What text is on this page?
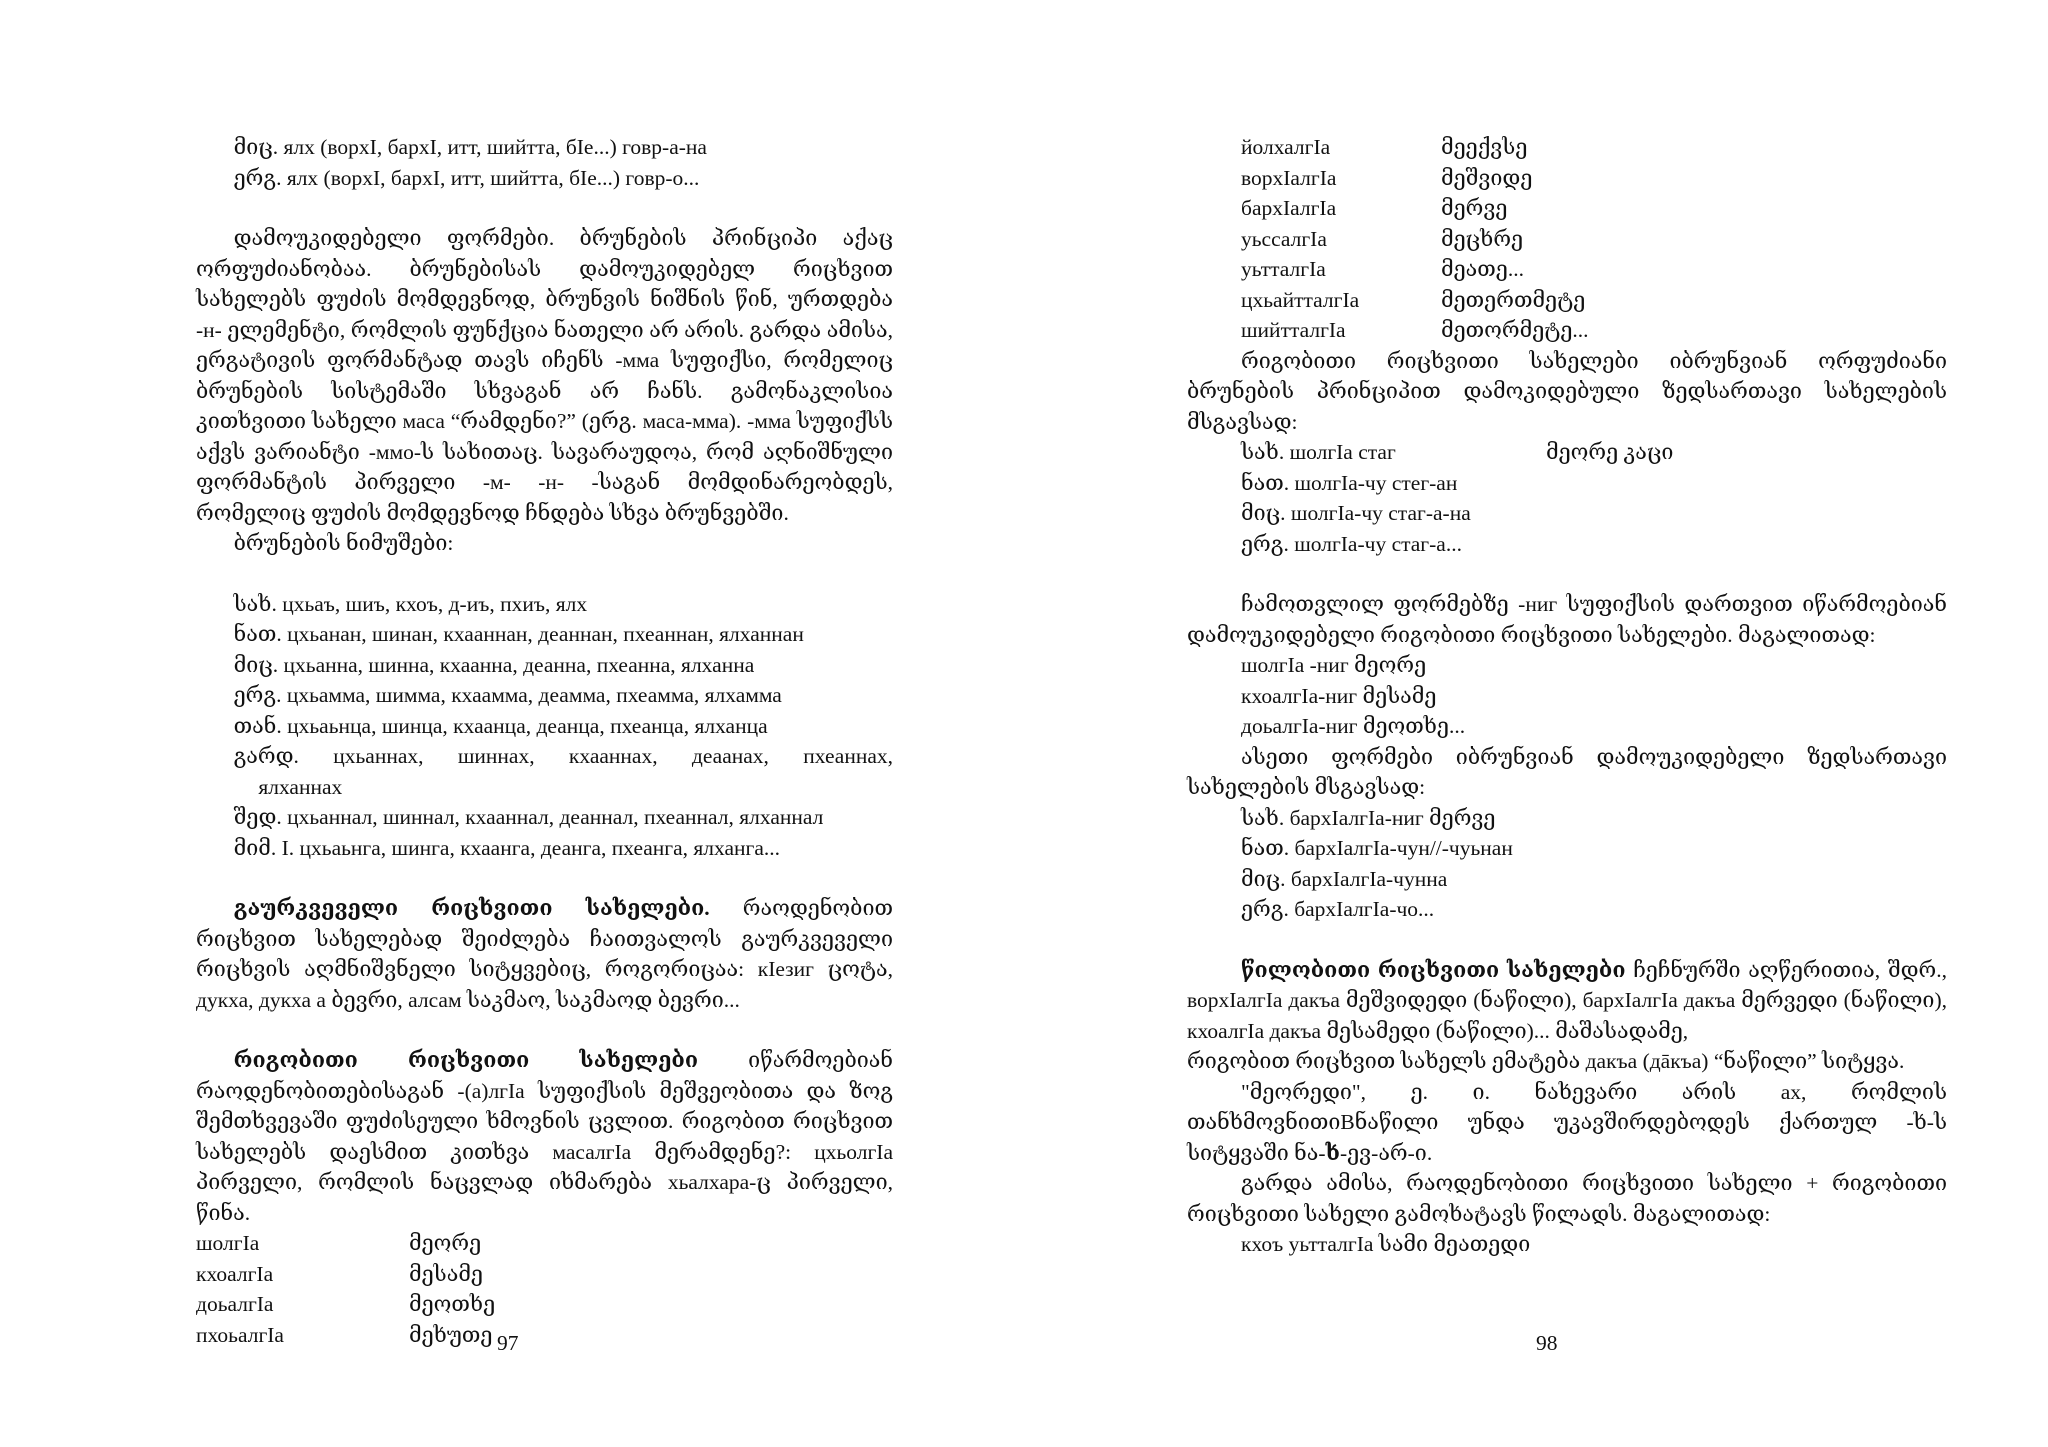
მიც. ялх (ворхI, бархI, итт, шийтта, бIе...) говр-а-на

ერგ. ялх (ворхI, бархI, итт, шийтта, бIе...) говр-о...

დამოუკიდებელი ფორმები. ბრუნების პრინციპი აქაც ორფუძიანობაა. ბრუნებისას დამოუკიდებელ რიცხვით სახელებს ფუძის მომდევნოდ, ბრუნვის ნიშნის წინ, ურთდება -н- ელემენტი, რომლის ფუნქცია ნათელი არ არის. გარდა ამისა, ერგატივის ფორმანტად თავს იჩენს -мма სუფიქსი, რომელიც ბრუნების სისტემაში სხვაგან არ ჩანს. გამონაკლისია კითხვითი სახელი маса “რამდენი?” (ერგ. маса-мма). -мма სუფიქსს აქვს ვარიანტი -ммо-ს სახითაც. სავარაუდოა, რომ აღნიშნული ფორმანტის პირველი -м- -н- -საგან მომდინარეობდეს, რომელიც ფუძის მომდევნოდ ჩნდება სხვა ბრუნვებში.

ბრუნების ნიმუშები:

სახ. цхьаъ, шиъ, кхоъ, д-иъ, пхиъ, ялх

ნათ. цхьанан, шинан, кхааннан, деаннан, пхеаннан, ялханнан

მიც. цхьанна, шинна, кхаанна, деанна, пхеанна, ялханна

ერგ. цхьамма, шимма, кхаамма, деамма, пхеамма, ялхамма

თან. цхьаьнца, шинца, кхаанца, деанца, пхеанца, ялханца

გარდ. цхьаннах, шиннах, кхааннах, деаанах, пхеаннах,

ялханнах

შედ. цхьаннал, шиннал, кхааннал, деаннал, пхеаннал, ялханнал

მიმ. I. цхьаьнга, шинга, кхаанга, деанга, пхеанга, ялханга...

გაურკვეველი რიცხვითი სახელები. რაოდენობით რიცხვით სახელებად შეიძლება ჩაითვალოს გაურკვეველი რიცხვის აღმნიშვნელი სიტყვებიც, როგორიცაა: кIезиг ცოტა, дукха, дукха а ბევრი, алсам საკმაო, საკმაოდ ბევრი...

რიგობითი რიცხვითი სახელები იწარმოებიან რაოდენობითებისაგან -(а)лгIа სუფიქსის მეშვეობითა და ზოგ შემთხვევაში ფუძისეული ხმოვნის ცვლით. რიგობით რიცხვით სახელებს დაესმით კითხვა масалгIа მერამდენე?: цхьолгIа პირველი, რომლის ნაცვლად იხმარება хьалхара-ც პირველი, წინა.

шолгIа	მეორე
кхоалгIа	მესამე
доьалгIа	მეოთხე
пхоьалгIа	მეხუთე 97
йолхалгIа	მეექვსე
ворхIалгIа	მეშვიდე
бархIалгIа	მერვე
уьссалгIа	მეცხრე
уьтталгIа	მეათე...
цхьайтталгIа	მეთერთმეტე
шийтталгIа	მეთორმეტე...

რიგობითი რიცხვითი სახელები იბრუნვიან ორფუძიანი ბრუნების პრინციპით დამოკიდებული ზედსართავი სახელების მსგავსად:

სახ. шолгIа стаг	მეორე კაცი

ნათ. шолгIа-чу стег-ан

მიც. шолгIа-чу стаг-а-на

ერგ. шолгIа-чу стаг-а...

ჩამოთვლილ ფორმებზე -ниг სუფიქსის დართვით იწარმოებიან დამოუკიდებელი რიგობითი რიცხვითი სახელები. მაგალითად:

шолгIа -ниг მეორე

кхоалгIа-ниг მესამე

доьалгIа-ниг მეოთხე...

ასეთი ფორმები იბრუნვიან დამოუკიდებელი ზედსართავი სახელების მსგავსად:

სახ. бархIалгIа-ниг მერვე

ნათ. бархIалгIа-чун//-чуьнан

მიც. бархIалгIа-чунна

ერგ. бархIалгIа-чо...

წილობითი რიცხვითი სახელები ჩეჩნურში აღწერითია, შდრ., ворхIалгIа дакъа მეშვიდედი (ნაწილი), бархIалгIа дакъа მერვედი (ნაწილი), кхоалгIа дакъа მესამედი (ნაწილი)... მაშასადამე,

რიგობით რიცხვით სახელს ემატება дакъа (дāкъа) “ნაწილი” სიტყვა.

"მეორედი", ე. ი. ნახევარი არის ах, რომლის თანხმოვნითიВნაწილი უნდა უკავშირდებოდეს ქართულ -ხ-ს სიტყვაში ნა-ხ-ევ-არ-ი.

გარდა ამისა, რაოდენობითი რიცხვითი სახელი + რიგობითი რიცხვითი სახელი გამოხატავს წილადს. მაგალითად:

кхоъ уьтталгIа სამი მეათედი

98
